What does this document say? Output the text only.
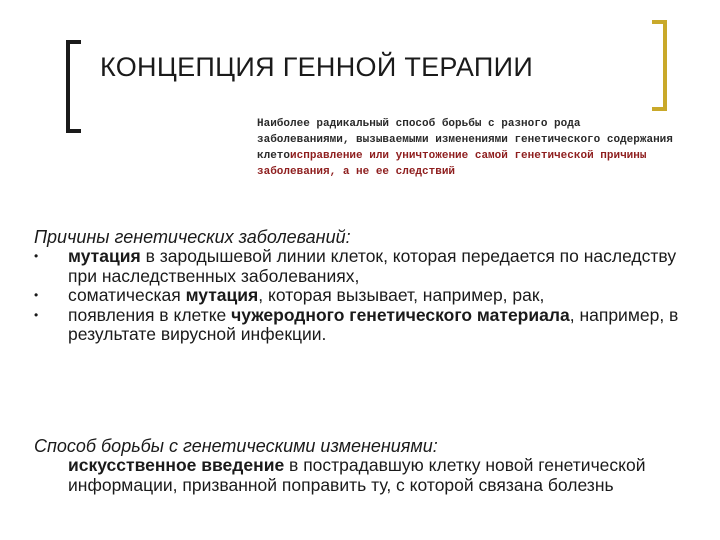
КОНЦЕПЦИЯ ГЕННОЙ ТЕРАПИИ
Наиболее радикальный способ борьбы с разного рода заболеваниями, вызываемыми изменениями генетического содержания клетоисправление или уничтожение самой генетической причины заболевания, а не ее следствий
Причины генетических заболеваний:
•	мутация в зародышевой линии клеток, которая передается по наследству при наследственных заболеваниях,
•	соматическая мутация, которая вызывает, например, рак,
•	появления в клетке чужеродного генетического материала, например, в результате вирусной инфекции.
Способ борьбы с генетическими изменениями:
искусственное введение в пострадавшую клетку новой генетической информации, призванной поправить ту, с которой связана болезнь
